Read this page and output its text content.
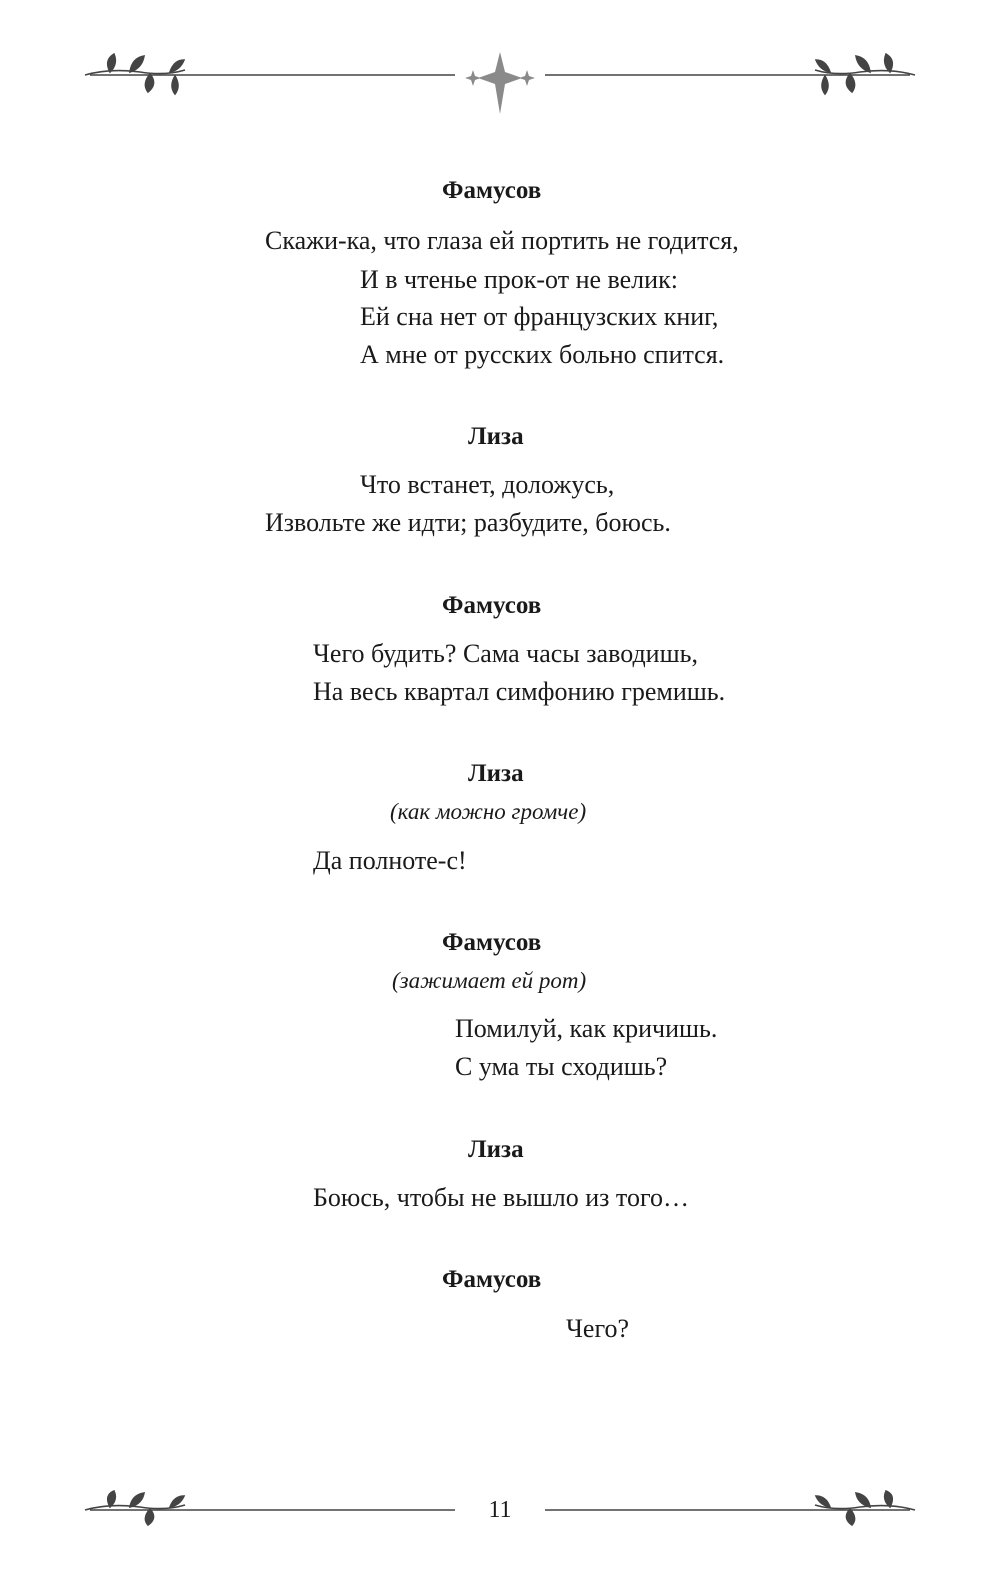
Фамусов
Скажи-ка, что глаза ей портить не годится,
И в чтенье прок-от не велик:
Ей сна нет от французских книг,
А мне от русских больно спится.
Лиза
Что встанет, доложусь,
Извольте же идти; разбудите, боюсь.
Фамусов
Чего будить? Сама часы заводишь,
На весь квартал симфонию гремишь.
Лиза
(как можно громче)
Да полноте-с!
Фамусов
(зажимает ей рот)
Помилуй, как кричишь.
С ума ты сходишь?
Лиза
Боюсь, чтобы не вышло из того…
Фамусов
Чего?
11
